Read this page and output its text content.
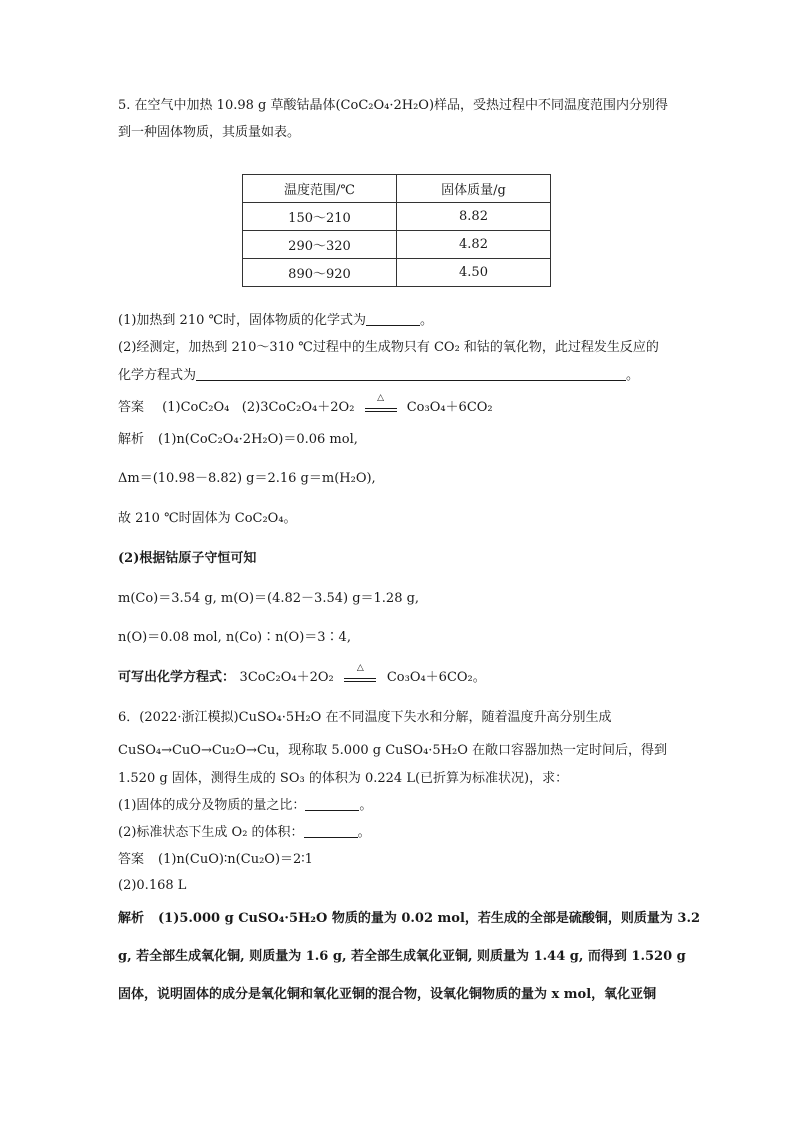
5. 在空气中加热 10.98 g 草酸钴晶体(CoC₂O₄·2H₂O)样品，受热过程中不同温度范围内分别得
到一种固体物质，其质量如表。
温度范围/℃	固体质量/g
150～210	8.82
290～320	4.82
890～920	4.50
(1)加热到 210 ℃时，固体物质的化学式为	。
(2)经测定，加热到 210～310 ℃过程中的生成物只有 CO₂ 和钴的氧化物，此过程发生反应的
化学方程式为	。
答案 (1)CoC₂O₄ (2)3CoC₂O₄＋2O₂
△
Co₃O₄＋6CO₂
解析 (1)n(CoC₂O₄·2H₂O)＝0.06 mol,
Δm＝(10.98－8.82) g＝2.16 g＝m(H₂O),
故 210 ℃时固体为 CoC₂O₄。
(2)根据钴原子守恒可知
m(Co)＝3.54 g, m(O)＝(4.82－3.54) g＝1.28 g,
n(O)＝0.08 mol, n(Co)∶n(O)＝3∶4,
可写出化学方程式： 3CoC₂O₄＋2O₂
△
Co₃O₄＋6CO₂。
6．(2022·浙江模拟)CuSO₄·5H₂O 在不同温度下失水和分解，随着温度升高分别生成
CuSO₄→CuO→Cu₂O→Cu，现称取 5.000 g CuSO₄·5H₂O 在敞口容器加热一定时间后，得到
1.520 g 固体，测得生成的 SO₃ 的体积为 0.224 L(已折算为标准状况)，求：
(1)固体的成分及物质的量之比：	。
(2)标准状态下生成 O₂ 的体积：	。
答案 (1)n(CuO)∶n(Cu₂O)＝2∶1
(2)0.168 L
解析 (1)5.000 g CuSO₄·5H₂O 物质的量为 0.02 mol，若生成的全部是硫酸铜，则质量为 3.2
g, 若全部生成氧化铜, 则质量为 1.6 g, 若全部生成氧化亚铜, 则质量为 1.44 g, 而得到 1.520 g
固体，说明固体的成分是氧化铜和氧化亚铜的混合物，设氧化铜物质的量为 x mol，氧化亚铜
